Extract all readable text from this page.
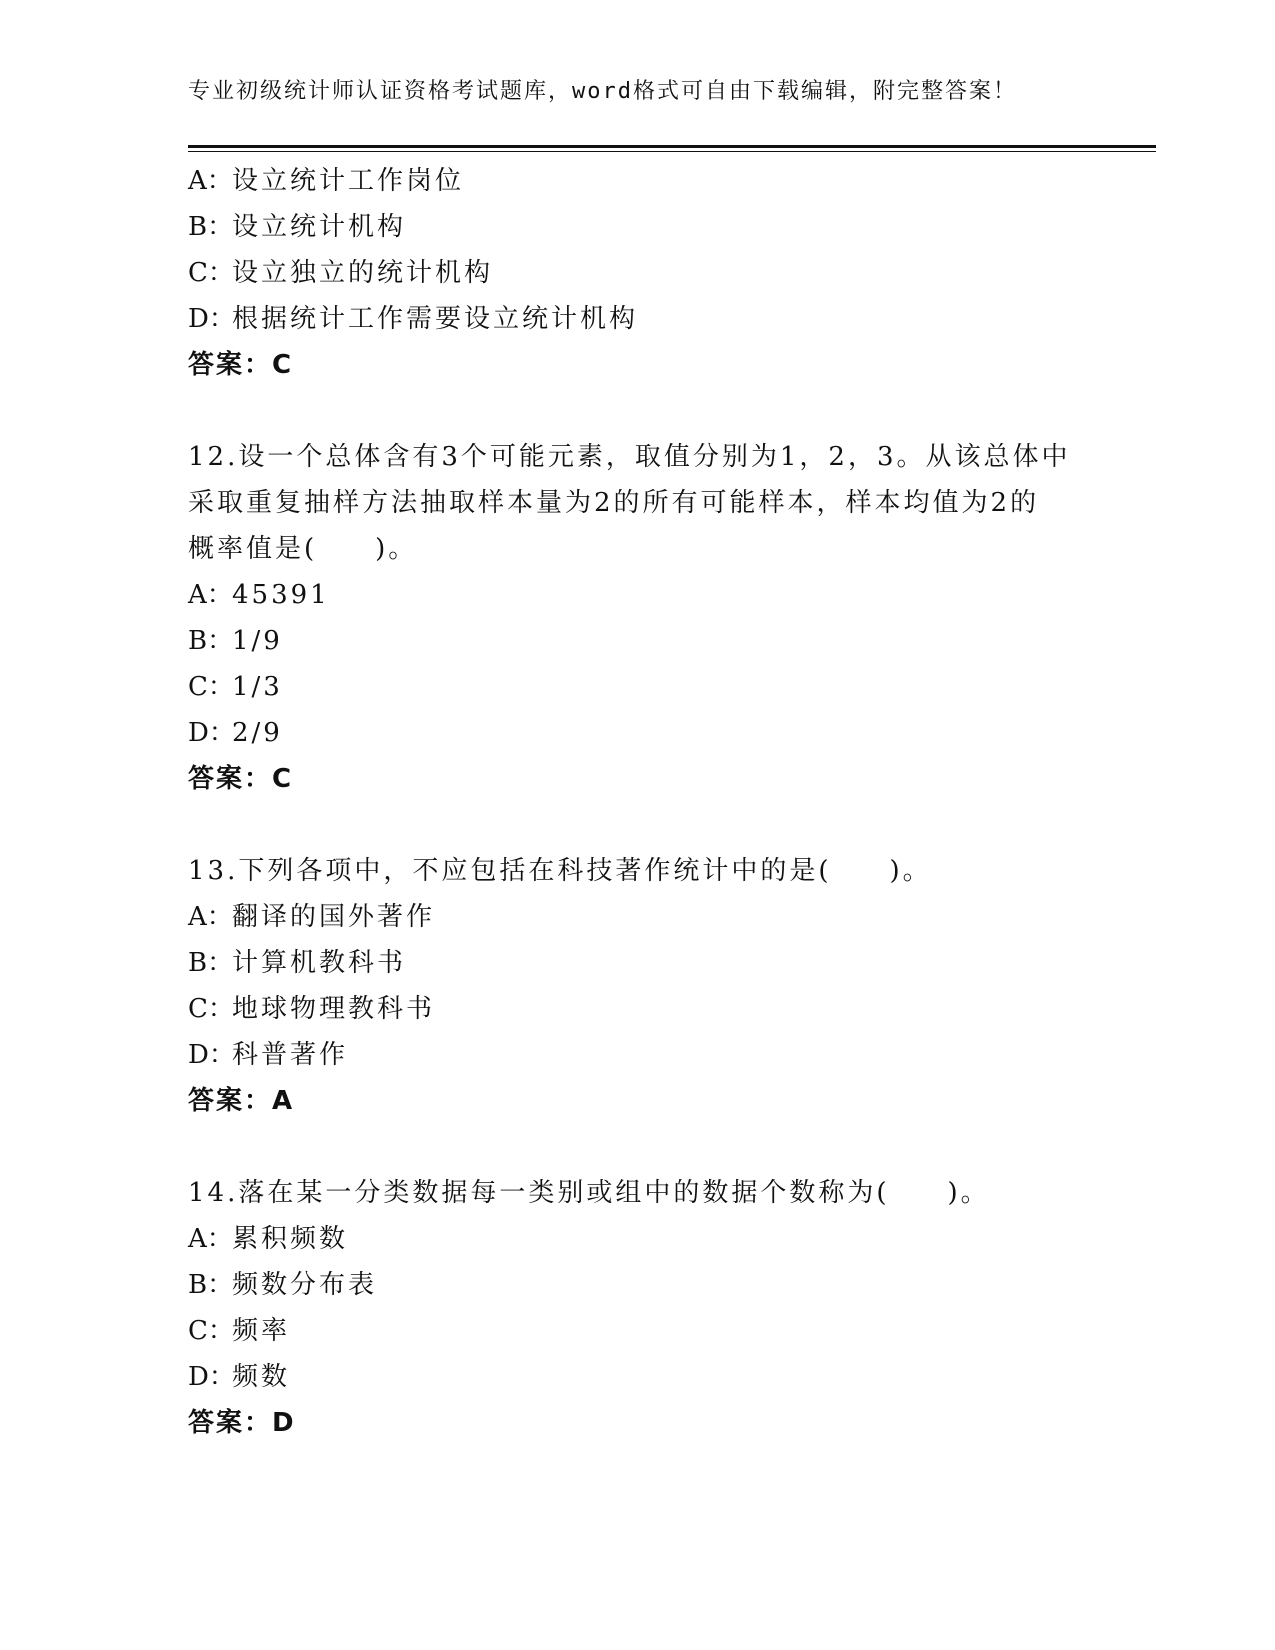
专业初级统计师认证资格考试题库，word格式可自由下载编辑，附完整答案！
A：设立统计工作岗位
B：设立统计机构
C：设立独立的统计机构
D：根据统计工作需要设立统计机构
答案：C
12.设一个总体含有3个可能元素，取值分别为1，2，3。从该总体中
采取重复抽样方法抽取样本量为2的所有可能样本，样本均值为2的
概率值是(　　)。
A：45391
B：1/9
C：1/3
D：2/9
答案：C
13.下列各项中，不应包括在科技著作统计中的是(　　)。
A：翻译的国外著作
B：计算机教科书
C：地球物理教科书
D：科普著作
答案：A
14.落在某一分类数据每一类别或组中的数据个数称为(　　)。
A：累积频数
B：频数分布表
C：频率
D：频数
答案：D
